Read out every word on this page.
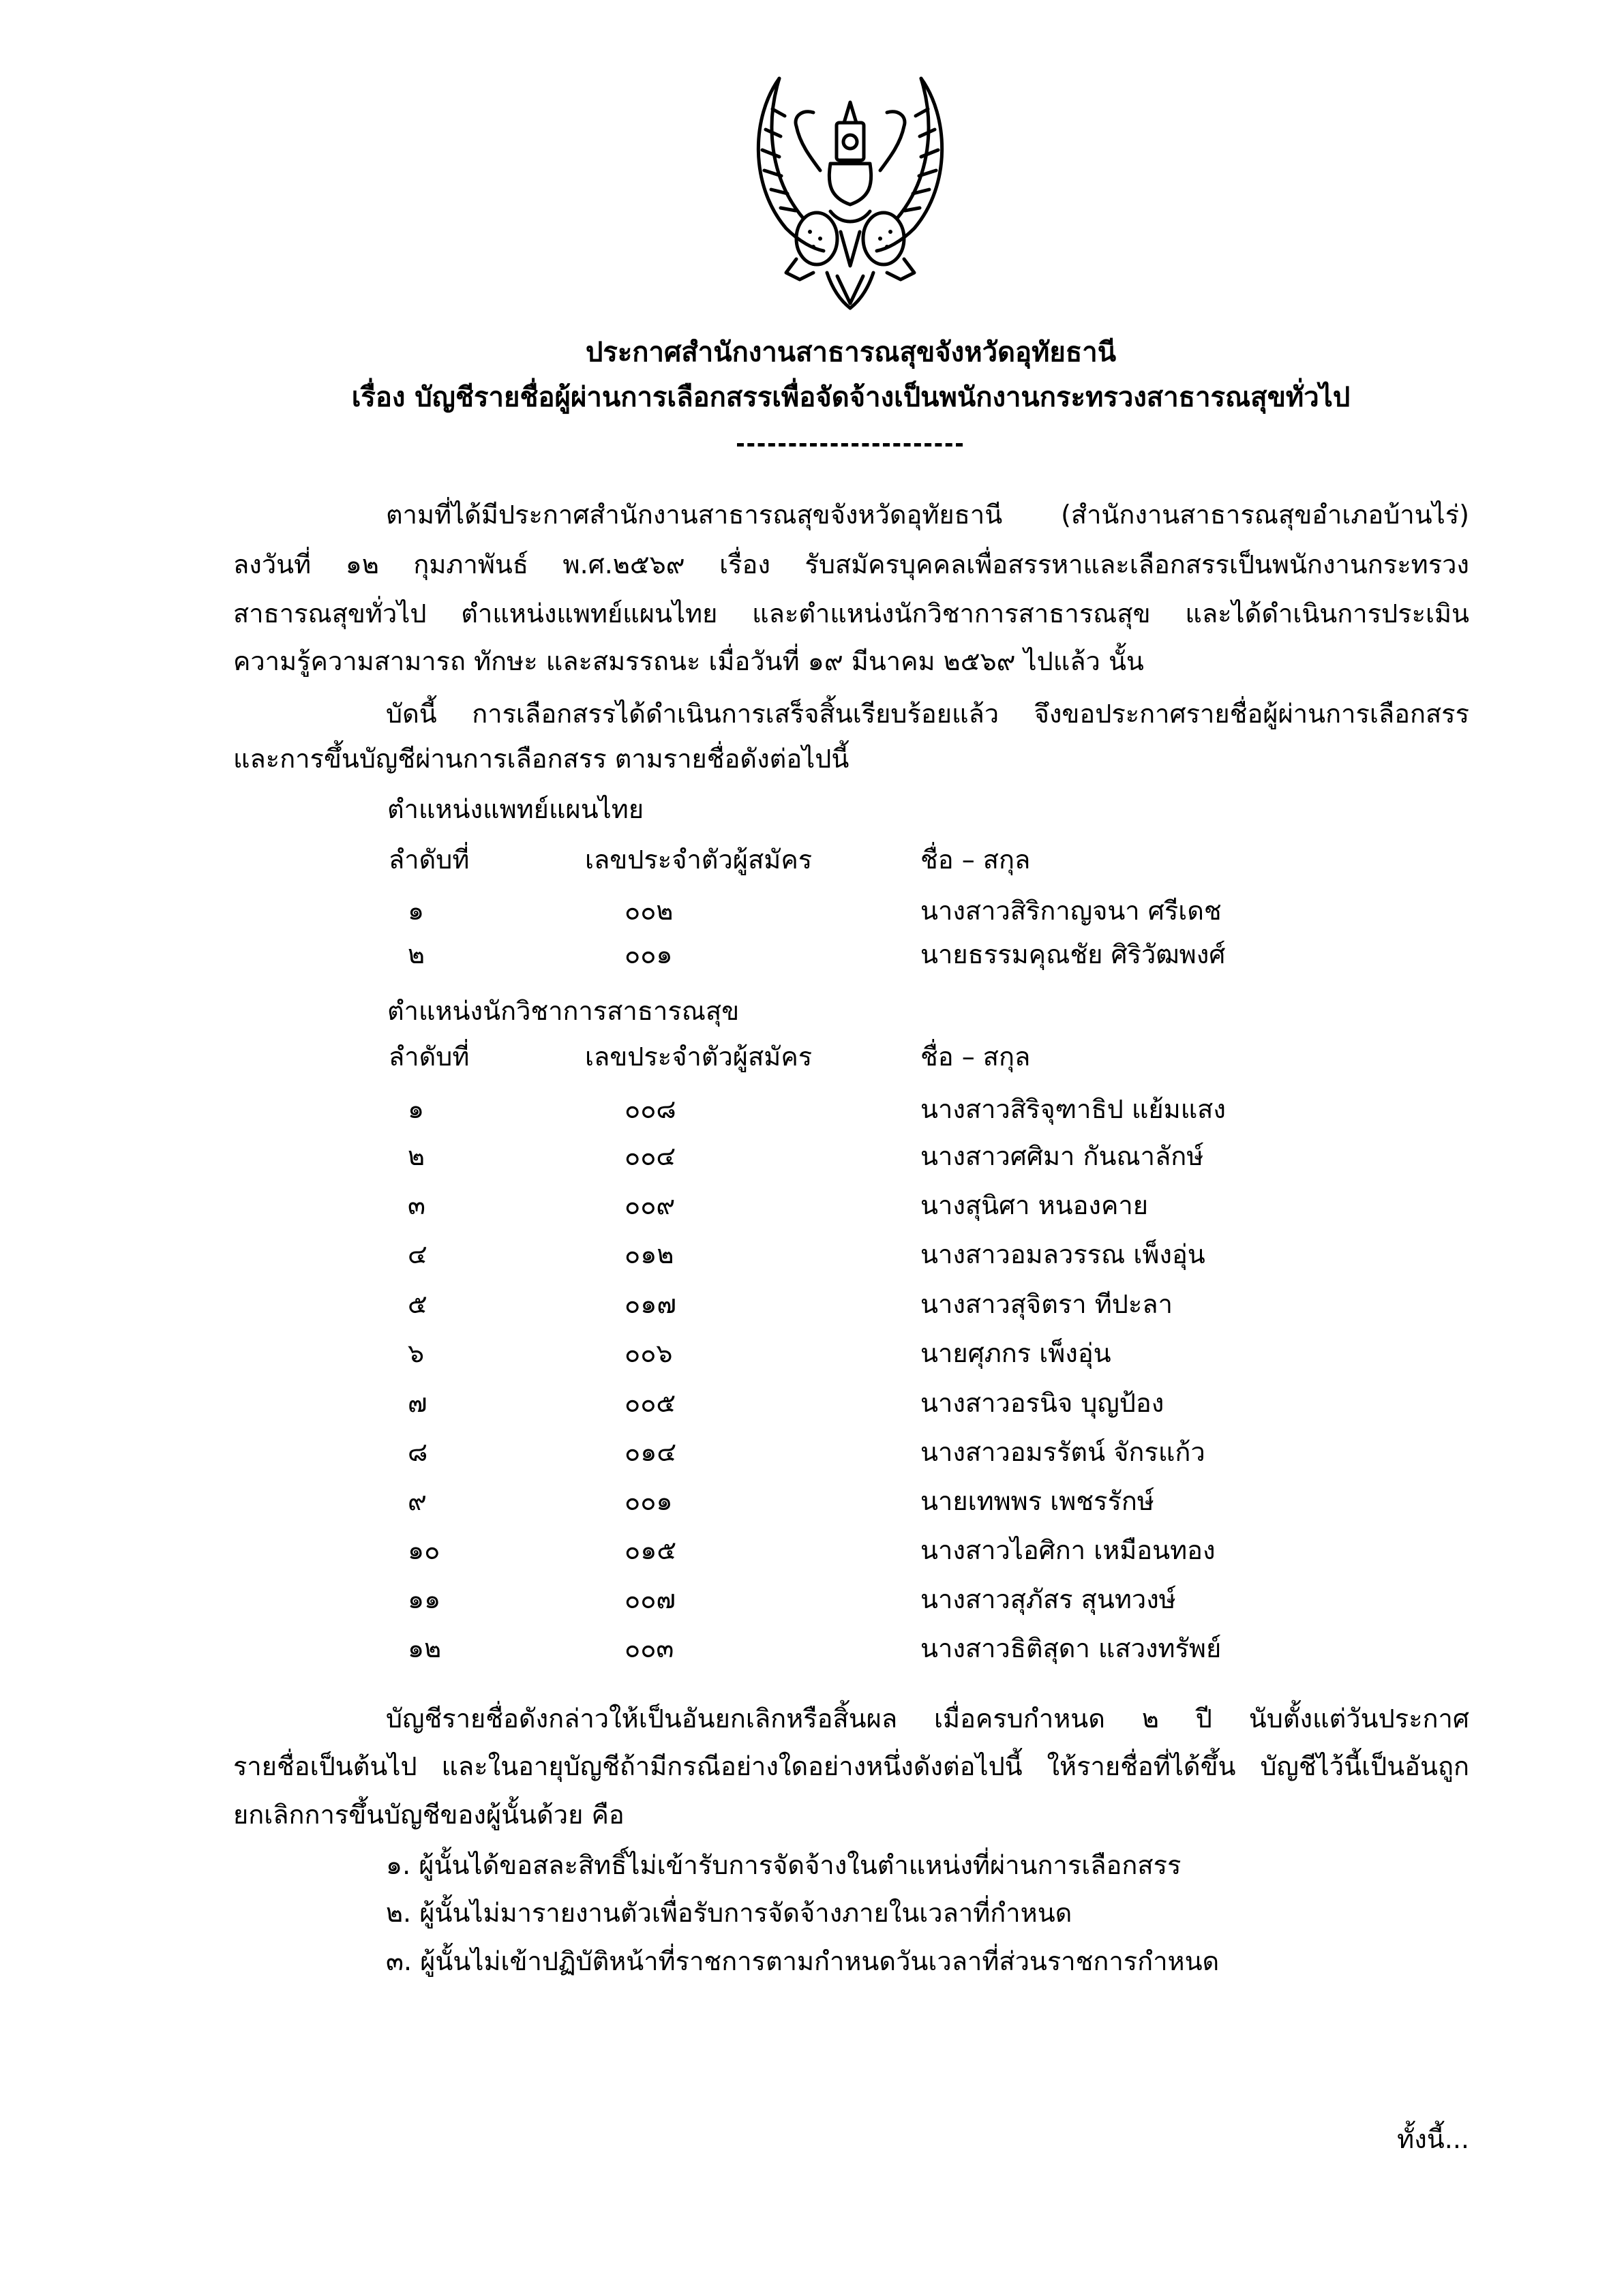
ประกาศสำนักงานสาธารณสุขจังหวัดอุทัยธานี
เรื่อง บัญชีรายชื่อผู้ผ่านการเลือกสรรเพื่อจัดจ้างเป็นพนักงานกระทรวงสาธารณสุขทั่วไป
ตามที่ได้มีประกาศสำนักงานสาธารณสุขจังหวัดอุทัยธานี (สำนักงานสาธารณสุขอำเภอบ้านไร่)
ลงวันที่ ๑๒ กุมภาพันธ์ พ.ศ.๒๕๖๙ เรื่อง รับสมัครบุคคลเพื่อสรรหาและเลือกสรรเป็นพนักงานกระทรวง
สาธารณสุขทั่วไป ตำแหน่งแพทย์แผนไทย และตำแหน่งนักวิชาการสาธารณสุข และได้ดำเนินการประเมิน
ความรู้ความสามารถ ทักษะ และสมรรถนะ เมื่อวันที่ ๑๙ มีนาคม ๒๕๖๙ ไปแล้ว นั้น
บัดนี้ การเลือกสรรได้ดำเนินการเสร็จสิ้นเรียบร้อยแล้ว จึงขอประกาศรายชื่อผู้ผ่านการเลือกสรร
และการขึ้นบัญชีผ่านการเลือกสรร ตามรายชื่อดังต่อไปนี้
ตำแหน่งแพทย์แผนไทย
ลำดับที่	เลขประจำตัวผู้สมัคร	ชื่อ – สกุล
๑	๐๐๒	นางสาวสิริกาญจนา ศรีเดช
๒	๐๐๑	นายธรรมคุณชัย ศิริวัฒพงศ์
ตำแหน่งนักวิชาการสาธารณสุข
ลำดับที่	เลขประจำตัวผู้สมัคร	ชื่อ – สกุล
๑	๐๐๘	นางสาวสิริจุฑาธิป แย้มแสง
๒	๐๐๔	นางสาวศศิมา กันณาลักษ์
๓	๐๐๙	นางสุนิศา หนองคาย
๔	๐๑๒	นางสาวอมลวรรณ เพ็งอุ่น
๕	๐๑๗	นางสาวสุจิตรา ทีปะลา
๖	๐๐๖	นายศุภกร เพ็งอุ่น
๗	๐๐๕	นางสาวอรนิจ บุญป้อง
๘	๐๑๔	นางสาวอมรรัตน์ จักรแก้ว
๙	๐๐๑	นายเทพพร เพชรรักษ์
๑๐	๐๑๕	นางสาวไอศิกา เหมือนทอง
๑๑	๐๐๗	นางสาวสุภัสร สุนทวงษ์
๑๒	๐๐๓	นางสาวธิติสุดา แสวงทรัพย์
บัญชีรายชื่อดังกล่าวให้เป็นอันยกเลิกหรือสิ้นผล เมื่อครบกำหนด ๒ ปี นับตั้งแต่วันประกาศ
รายชื่อเป็นต้นไป และในอายุบัญชีถ้ามีกรณีอย่างใดอย่างหนึ่งดังต่อไปนี้ ให้รายชื่อที่ได้ขึ้น บัญชีไว้นี้เป็นอันถูก
ยกเลิกการขึ้นบัญชีของผู้นั้นด้วย คือ
๑. ผู้นั้นได้ขอสละสิทธิ์ไม่เข้ารับการจัดจ้างในตำแหน่งที่ผ่านการเลือกสรร
๒. ผู้นั้นไม่มารายงานตัวเพื่อรับการจัดจ้างภายในเวลาที่กำหนด
๓. ผู้นั้นไม่เข้าปฏิบัติหน้าที่ราชการตามกำหนดวันเวลาที่ส่วนราชการกำหนด
ทั้งนี้...
